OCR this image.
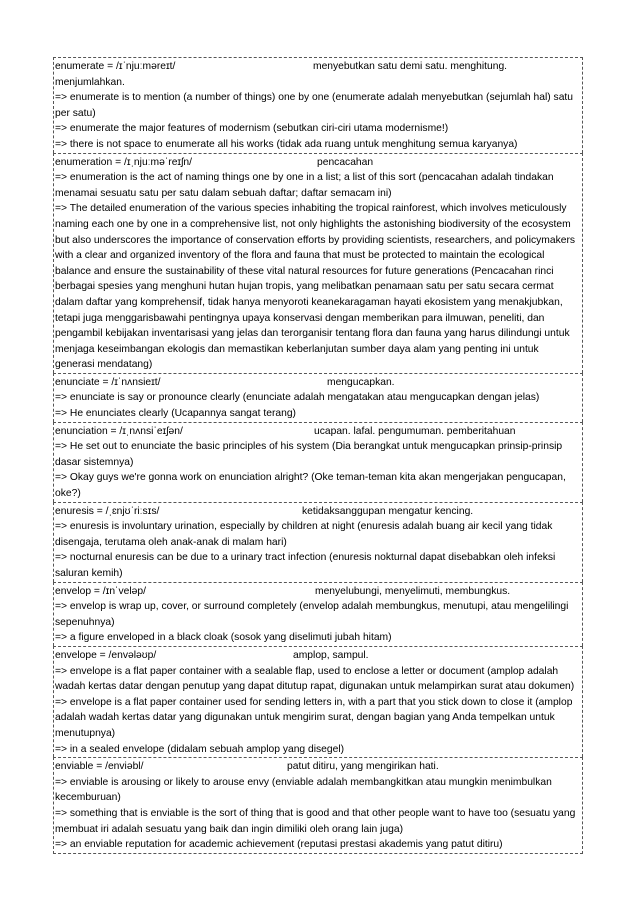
enumerate = /ɪˈnjuːməreɪt/	menyebutkan satu demi satu. menghitung.
menjumlahkan.
=> enumerate is to mention (a number of things) one by one (enumerate adalah menyebutkan (sejumlah hal) satu per satu)
=> enumerate the major features of modernism (sebutkan ciri-ciri utama modernisme!)
=> there is not space to enumerate all his works (tidak ada ruang untuk menghitung semua karyanya)
enumeration = /ɪˌnjuːməˈreɪʃn/	pencacahan
=> enumeration is the act of naming things one by one in a list; a list of this sort (pencacahan adalah tindakan menamai sesuatu satu per satu dalam sebuah daftar; daftar semacam ini)
=> The detailed enumeration of the various species inhabiting the tropical rainforest, which involves meticulously naming each one by one in a comprehensive list, not only highlights the astonishing biodiversity of the ecosystem but also underscores the importance of conservation efforts by providing scientists, researchers, and policymakers with a clear and organized inventory of the flora and fauna that must be protected to maintain the ecological balance and ensure the sustainability of these vital natural resources for future generations (Pencacahan rinci berbagai spesies yang menghuni hutan hujan tropis, yang melibatkan penamaan satu per satu secara cermat dalam daftar yang komprehensif, tidak hanya menyoroti keanekaragaman hayati ekosistem yang menakjubkan, tetapi juga menggarisbawahi pentingnya upaya konservasi dengan memberikan para ilmuwan, peneliti, dan pengambil kebijakan inventarisasi yang jelas dan terorganisir tentang flora dan fauna yang harus dilindungi untuk menjaga keseimbangan ekologis dan memastikan keberlanjutan sumber daya alam yang penting ini untuk generasi mendatang)
enunciate = /ɪˈnʌnsieɪt/	mengucapkan.
=> enunciate is say or pronounce clearly (enunciate adalah mengatakan atau mengucapkan dengan jelas)
=> He enunciates clearly (Ucapannya sangat terang)
enunciation = /ɪˌnʌnsiˈeɪʃən/	ucapan. lafal. pengumuman. pemberitahuan
=> He set out to enunciate the basic principles of his system (Dia berangkat untuk mengucapkan prinsip-prinsip dasar sistemnya)
=> Okay guys we're gonna work on enunciation alright? (Oke teman-teman kita akan mengerjakan pengucapan, oke?)
enuresis = /ˌɛnjʊˈriːsɪs/	ketidaksanggupan mengatur kencing.
=> enuresis is involuntary urination, especially by children at night (enuresis adalah buang air kecil yang tidak disengaja, terutama oleh anak-anak di malam hari)
=> nocturnal enuresis can be due to a urinary tract infection (enuresis nokturnal dapat disebabkan oleh infeksi saluran kemih)
envelop = /ɪnˈveləp/	menyelubungi, menyelimuti, membungkus.
=> envelop is wrap up, cover, or surround completely (envelop adalah membungkus, menutupi, atau mengelilingi sepenuhnya)
=> a figure enveloped in a black cloak (sosok yang diselimuti jubah hitam)
envelope = /envələʊp/	amplop, sampul.
=> envelope is a flat paper container with a sealable flap, used to enclose a letter or document (amplop adalah wadah kertas datar dengan penutup yang dapat ditutup rapat, digunakan untuk melampirkan surat atau dokumen)
=> envelope is a flat paper container used for sending letters in, with a part that you stick down to close it (amplop adalah wadah kertas datar yang digunakan untuk mengirim surat, dengan bagian yang Anda tempelkan untuk menutupnya)
=> in a sealed envelope (didalam sebuah amplop yang disegel)
enviable = /enviəbl/	patut ditiru, yang mengirikan hati.
=> enviable is arousing or likely to arouse envy (enviable adalah membangkitkan atau mungkin menimbulkan kecemburuan)
=> something that is enviable is the sort of thing that is good and that other people want to have too (sesuatu yang membuat iri adalah sesuatu yang baik dan ingin dimiliki oleh orang lain juga)
=> an enviable reputation for academic achievement (reputasi prestasi akademis yang patut ditiru)
